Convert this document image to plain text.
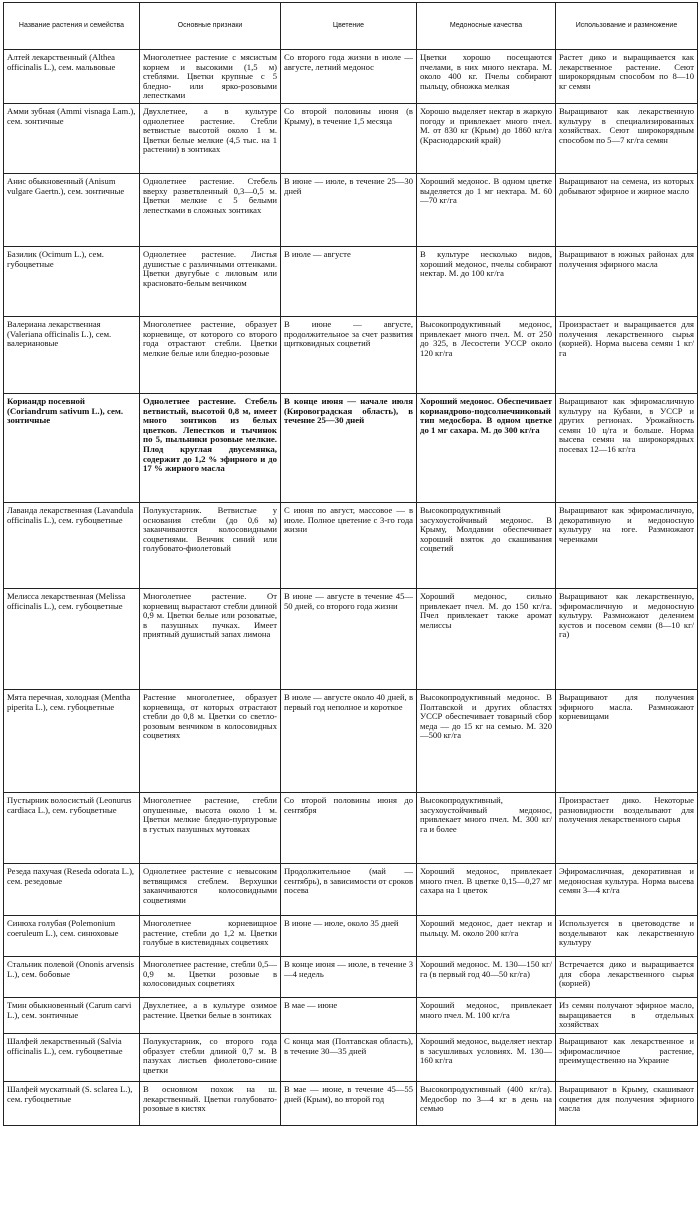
Название растения и семейства	Основные признаки	Цветение	Медоносные качества	Использование и размножение
Алтей лекарственный (Althea officinalis L.), сем. мальвовые	Многолетнее растение с мясистым корнем и высокими (1,5 м) стеблями. Цветки крупные с 5 бледно- или ярко-розовыми лепестками	Со второго года жизни в июле — августе, летний медонос	Цветки хорошо посещаются пчелами, в них много нектара. М. около 400 кг. Пчелы собирают пыльцу, обножка мелкая	Растет дико и выращивается как лекарственное растение. Сеют широкорядным способом по 8—10 кг семян
Амми зубная (Ammi visnaga Lam.), сем. зонтичные	Двухлетнее, а в культуре однолетнее растение. Стебли ветвистые высотой около 1 м. Цветки белые мелкие (4,5 тыс. на 1 растении) в зонтиках	Со второй половины июня (в Крыму), в течение 1,5 месяца	Хорошо выделяет нектар в жаркую погоду и привлекает много пчел. М. от 830 кг (Крым) до 1860 кг/га (Краснодарский край)	Выращивают как лекарственную культуру в специализированных хозяйствах. Сеют широкорядным способом по 5—7 кг/га семян
Анис обыкновенный (Anisum vulgare Gaertn.), сем. зонтичные	Однолетнее растение. Стебель вверху разветвленный 0,3—0,5 м. Цветки мелкие с 5 белыми лепестками в сложных зонтиках	В июне — июле, в течение 25—30 дней	Хороший медонос. В одном цветке выделяется до 1 мг нектара. М. 60—70 кг/га	Выращивают на семена, из которых добывают эфирное и жирное масло
Базилик (Ocimum L.), сем. губоцветные	Однолетнее растение. Листья душистые с различными оттенками. Цветки двугубые с лиловым или красновато-белым венчиком	В июле — августе	В культуре несколько видов, хороший медонос, пчелы собирают нектар. М. до 100 кг/га	Выращивают в южных районах для получения эфирного масла
Валериана лекарственная (Valeriana officinalis L.), сем. валериановые	Многолетнее растение, образует корневище, от которого со второго года отрастают стебли. Цветки мелкие белые или бледно-розовые	В июне — августе, продолжительное за счет развития щитковидных соцветий	Высокопродуктивный медонос, привлекает много пчел. М. от 250 до 325, в Лесостепи УССР около 120 кг/га	Произрастает и выращивается для получения лекарственного сырья (корней). Норма высева семян 1 кг/га
Кориандр посевной (Coriandrum sativum L.), сем. зонтичные	Однолетнее растение. Стебель ветвистый, высотой 0,8 м, имеет много зонтиков из белых цветков. Лепестков и тычинок по 5, пыльники розовые мелкие. Плод круглая двусемянка, содержит до 1,2 % эфирного и до 17 % жирного масла	В конце июня — начале июля (Кировоградская область), в течение 25—30 дней	Хороший медонос. Обеспечивает кориандрово-подсолнечниковый тип медосбора. В одном цветке до 1 мг сахара. М. до 300 кг/га	Выращивают как эфиромасличную культуру на Кубани, в УССР и других регионах. Урожайность семян 10 ц/га и больше. Норма высева семян на широкорядных посевах 12—16 кг/га
Лаванда лекарственная (Lavandula officinalis L.), сем. губоцветные	Полукустарник. Ветвистые у основания стебли (до 0,6 м) заканчиваются колосовидными соцветиями. Венчик синий или голубовато-фиолетовый	С июня по август, массовое — в июле. Полное цветение с 3-го года жизни	Высокопродуктивный засухоустойчивый медонос. В Крыму, Молдавии обеспечивает хороший взяток до скашивания соцветий	Выращивают как эфиромасличную, декоративную и медоносную культуру на юге. Размножают черенками
Мелисса лекарственная (Melissa officinalis L.), сем. губоцветные	Многолетнее растение. От корневищ вырастают стебли длиной 0,9 м. Цветки белые или розоватые, в пазушных пучках. Имеет приятный душистый запах лимона	В июне — августе в течение 45—50 дней, со второго года жизни	Хороший медонос, сильно привлекает пчел. М. до 150 кг/га. Пчел привлекает также аромат мелиссы	Выращивают как лекарственную, эфиромасличную и медоносную культуру. Размножают делением кустов и посевом семян (8—10 кг/га)
Мята перечная, холодная (Mentha piperita L.), сем. губоцветные	Растение многолетнее, образует корневища, от которых отрастают стебли до 0,8 м. Цветки со светло-розовым венчиком в колосовидных соцветиях	В июле — августе около 40 дней, в первый год неполное и короткое	Высокопродуктивный медонос. В Полтавской и других областях УССР обеспечивает товарный сбор меда — до 15 кг на семью. М. 320—500 кг/га	Выращивают для получения эфирного масла. Размножают корневищами
Пустырник волосистый (Leonurus cardiaca L.), сем. губоцветные	Многолетнее растение, стебли опушенные, высота около 1 м. Цветки мелкие бледно-пурпуровые в густых пазушных мутовках	Со второй половины июня до сентября	Высокопродуктивный, засухоустойчивый медонос, привлекает много пчел. М. 300 кг/га и более	Произрастает дико. Некоторые разновидности возделывают для получения лекарственного сырья
Резеда пахучая (Reseda odorata L.), сем. резедовые	Однолетнее растение с невысоким ветвящимся стеблем. Верхушки заканчиваются колосовидными соцветиями	Продолжительное (май — сентябрь), в зависимости от сроков посева	Хороший медонос, привлекает много пчел. В цветке 0,15—0,27 мг сахара на 1 цветок	Эфиромасличная, декоративная и медоносная культура. Норма высева семян 3—4 кг/га
Синюха голубая (Polemonium coeruleum L.), сем. синюховые	Многолетнее корневищное растение, стебли до 1,2 м. Цветки голубые в кистевидных соцветиях	В июне — июле, около 35 дней	Хороший медонос, дает нектар и пыльцу. М. около 200 кг/га	Используется в цветоводстве и возделывают как лекарственную культуру
Стальник полевой (Ononis arvensis L.), сем. бобовые	Многолетнее растение, стебли 0,5—0,9 м. Цветки розовые в колосовидных соцветиях	В конце июня — июле, в течение 3—4 недель	Хороший медонос. М. 130—150 кг/га (в первый год 40—50 кг/га)	Встречается дико и выращивается для сбора лекарственного сырья (корней)
Тмин обыкновенный (Carum carvi L.), сем. зонтичные	Двухлетнее, а в культуре озимое растение. Цветки белые в зонтиках	В мае — июне	Хороший медонос, привлекает много пчел. М. 100 кг/га	Из семян получают эфирное масло, выращивается в отдельных хозяйствах
Шалфей лекарственный (Salvia officinalis L.), сем. губоцветные	Полукустарник, со второго года образует стебли длиной 0,7 м. В пазухах листьев фиолетово-синие цветки	С конца мая (Полтавская область), в течение 30—35 дней	Хороший медонос, выделяет нектар в засушливых условиях. М. 130—160 кг/га	Выращивают как лекарственное и эфиромасличное растение, преимущественно на Украине
Шалфей мускатный (S. sclarea L.), сем. губоцветные	В основном похож на ш. лекарственный. Цветки голубовато-розовые в кистях	В мае — июне, в течение 45—55 дней (Крым), во второй год	Высокопродуктивный (400 кг/га). Медосбор по 3—4 кг в день на семью	Выращивают в Крыму, скашивают соцветия для получения эфирного масла
